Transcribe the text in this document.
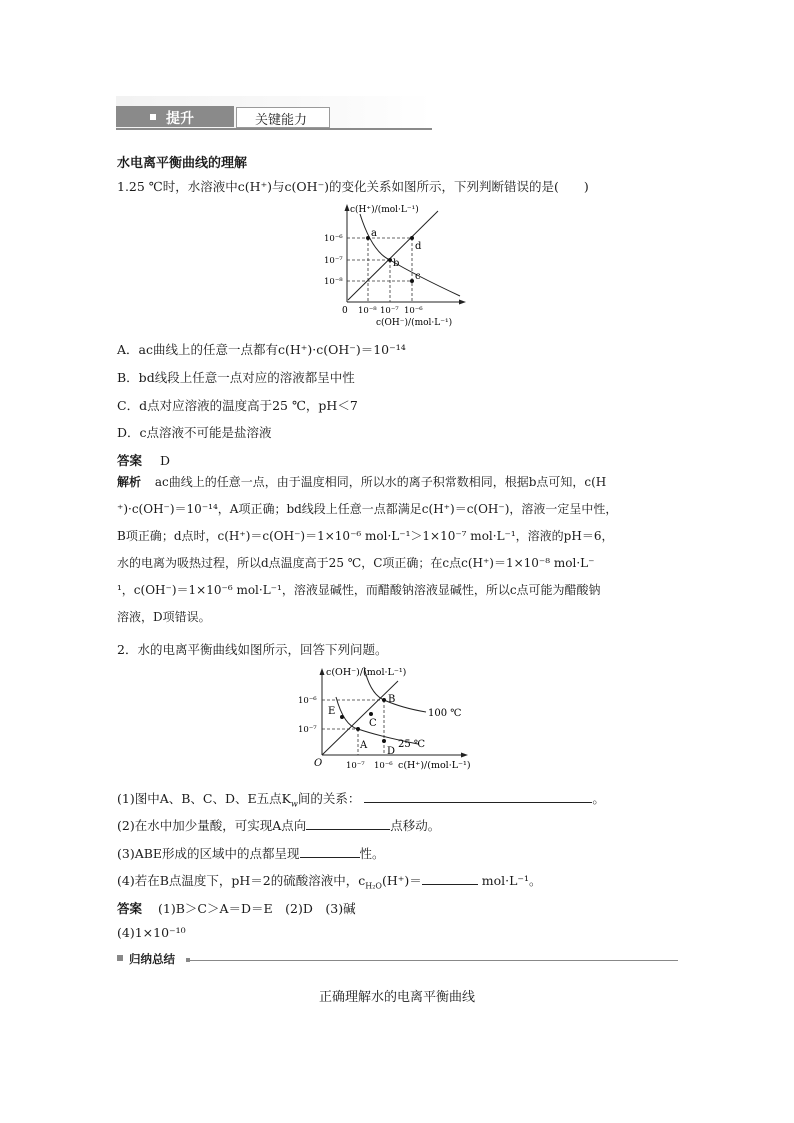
提升	关键能力
水电离平衡曲线的理解
1.25 ℃时，水溶液中c(H⁺)与c(OH⁻)的变化关系如图所示，下列判断错误的是(　　)
c(H⁺)/(mol·L⁻¹)
10⁻⁶
10⁻⁷
10⁻⁸
0 10⁻⁸ 10⁻⁷ 10⁻⁶
c(OH⁻)/(mol·L⁻¹)
a
b
c
d
A．ac曲线上的任意一点都有c(H⁺)·c(OH⁻)＝10⁻¹⁴
B．bd线段上任意一点对应的溶液都呈中性
C．d点对应溶液的温度高于25 ℃，pH＜7
D．c点溶液不可能是盐溶液
答案 D
解析 ac曲线上的任意一点，由于温度相同，所以水的离子积常数相同，根据b点可知，c(H
⁺)·c(OH⁻)＝10⁻¹⁴，A项正确；bd线段上任意一点都满足c(H⁺)＝c(OH⁻)，溶液一定呈中性，
B项正确；d点时，c(H⁺)＝c(OH⁻)＝1×10⁻⁶ mol·L⁻¹＞1×10⁻⁷ mol·L⁻¹，溶液的pH＝6，
水的电离为吸热过程，所以d点温度高于25 ℃，C项正确；在c点c(H⁺)＝1×10⁻⁸ mol·L⁻
¹，c(OH⁻)＝1×10⁻⁶ mol·L⁻¹，溶液显碱性，而醋酸钠溶液显碱性，所以c点可能为醋酸钠
溶液，D项错误。
2．水的电离平衡曲线如图所示，回答下列问题。
c(OH⁻)/(mol·L⁻¹)
10⁻⁶
10⁻⁷
O	10⁻⁷ 10⁻⁶ c(H⁺)/(mol·L⁻¹)
A
B
C
D
E	100 ℃
25 ℃
(1)图中A、B、C、D、E五点$K_w$间的关系：	。
(2)在水中加少量酸，可实现A点向	点移动。
(3)ABE形成的区域中的点都呈现	性。
(4)若在B点温度下，pH＝2的硫酸溶液中，$c_{H_2O}(H^+)=$	mol·L⁻¹。
答案 (1)B＞C＞A＝D＝E　(2)D　(3)碱
(4)1×10⁻¹⁰
归纳总结
正确理解水的电离平衡曲线
